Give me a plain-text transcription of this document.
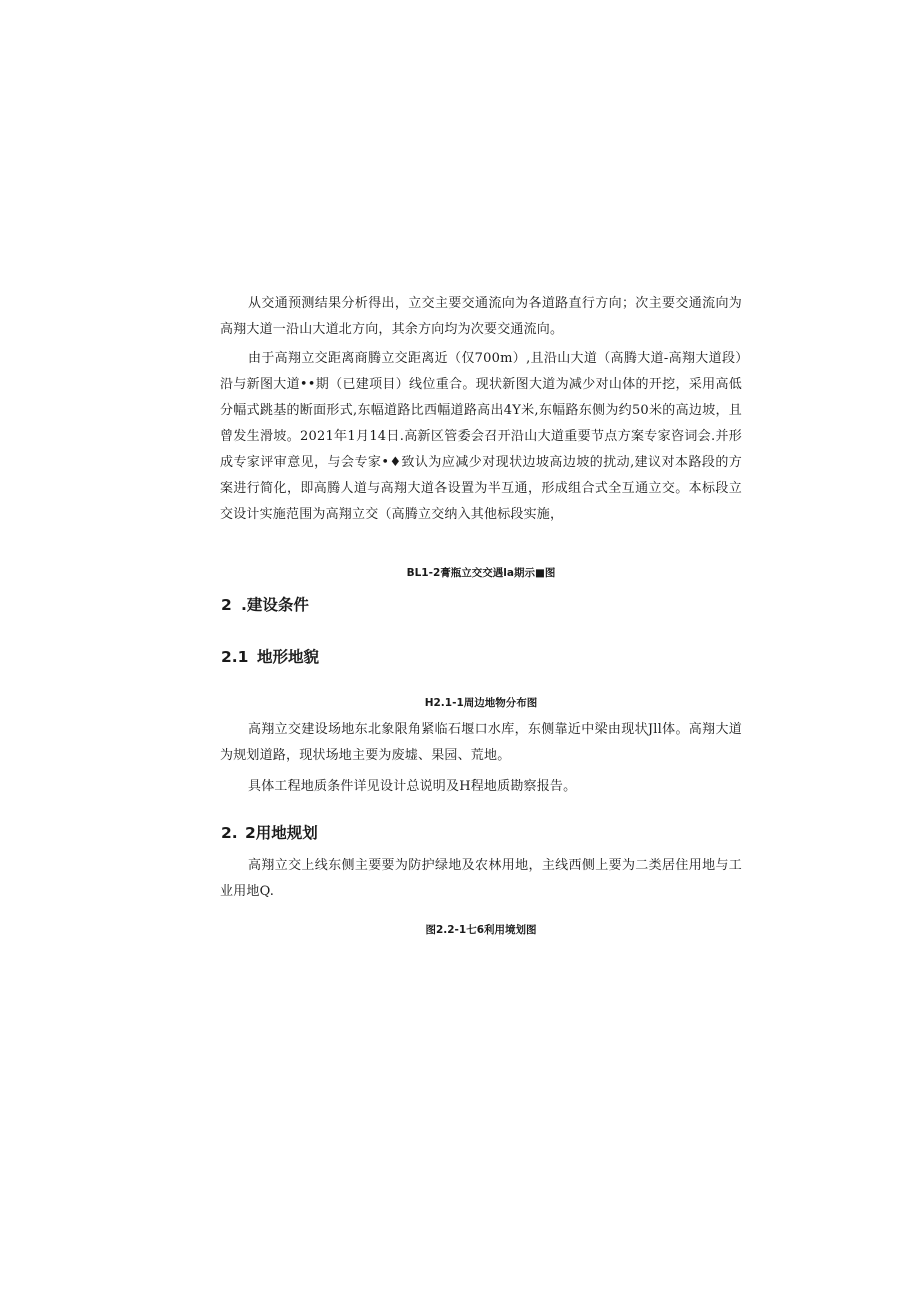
从交通预测结果分析得出，立交主要交通流向为各道路直行方向；次主要交通流向为高翔大道一沿山大道北方向，其余方向均为次要交通流向。

由于高翔立交距离商腾立交距离近（仅700m）,且沿山大道（高腾大道-高翔大道段）沿与新图大道••期（已建项目）线位重合。现状新图大道为减少对山体的开挖，采用高低分幅式跳基的断面形式,东幅道路比西幅道路高出4Y米,东幅路东侧为约50米的高边坡，且曾发生滑坡。2021年1月14日.高新区管委会召开沿山大道重要节点方案专家咨词会.并形成专家评审意见，与会专家•♦致认为应减少对现状边坡高边坡的扰动,建议对本路段的方案进行简化，即高腾人道与高翔大道各设置为半互通，形成组合式全互通立交。本标段立交设计实施范围为高翔立交（高腾立交纳入其他标段实施，

BL1-2膏瓶立交交遇la期示■图

2 .建设条件
2.1 地形地貌

H2.1-1周边地物分布图

高翔立交建设场地东北象限角紧临石堰口水库，东侧靠近中梁由现状Jll体。高翔大道为规划道路，现状场地主要为废墟、果园、荒地。

具体工程地质条件详见设计总说明及H程地质勘察报告。

2. 2用地规划

高翔立交上线东侧主要要为防护绿地及农林用地，主线西侧上要为二类居住用地与工业用地Q.

图2.2-1七6利用境划图
